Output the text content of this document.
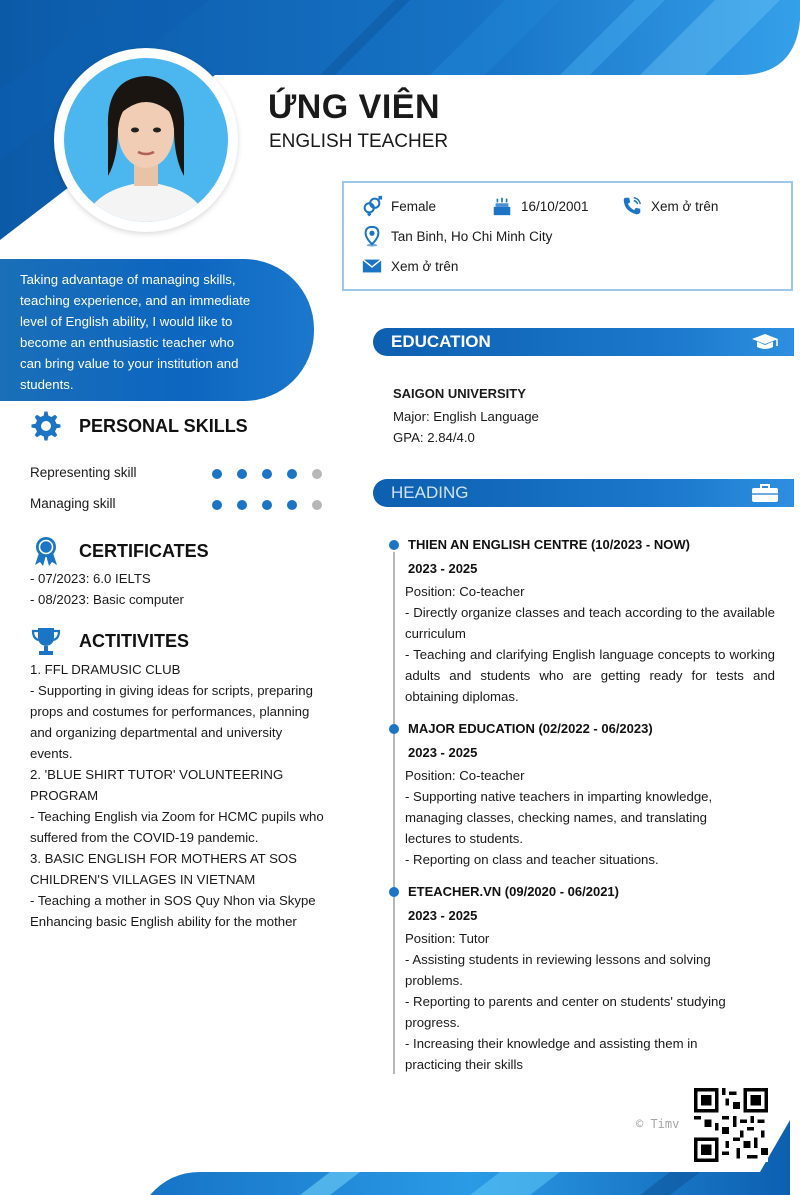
ỨNG VIÊN
ENGLISH TEACHER
Female	16/10/2001	Xem ở trên
Tan Binh, Ho Chi Minh City
Xem ở trên
Taking advantage of managing skills, teaching experience, and an immediate level of English ability, I would like to become an enthusiastic teacher who can bring value to your institution and students.
PERSONAL SKILLS
Representing skill
Managing skill
CERTIFICATES
- 07/2023: 6.0 IELTS
- 08/2023: Basic computer
ACTITIVITES
1. FFL DRAMUSIC CLUB
- Supporting in giving ideas for scripts, preparing
props and costumes for performances, planning
and organizing departmental and university
events.
2. 'BLUE SHIRT TUTOR' VOLUNTEERING
PROGRAM
- Teaching English via Zoom for HCMC pupils who
suffered from the COVID-19 pandemic.
3. BASIC ENGLISH FOR MOTHERS AT SOS
CHILDREN'S VILLAGES IN VIETNAM
- Teaching a mother in SOS Quy Nhon via Skype
Enhancing basic English ability for the mother
EDUCATION
SAIGON UNIVERSITY
Major: English Language
GPA: 2.84/4.0
HEADING
THIEN AN ENGLISH CENTRE (10/2023 - NOW)
2023 - 2025
Position: Co-teacher
- Directly organize classes and teach according to the available curriculum
- Teaching and clarifying English language concepts to working adults and students who are getting ready for tests and obtaining diplomas.
MAJOR EDUCATION (02/2022 - 06/2023)
2023 - 2025
Position: Co-teacher
- Supporting native teachers in imparting knowledge,
managing classes, checking names, and translating
lectures to students.
- Reporting on class and teacher situations.
ETEACHER.VN (09/2020 - 06/2021)
2023 - 2025
Position: Tutor
- Assisting students in reviewing lessons and solving
problems.
- Reporting to parents and center on students' studying
progress.
- Increasing their knowledge and assisting them in
practicing their skills
© Timv
